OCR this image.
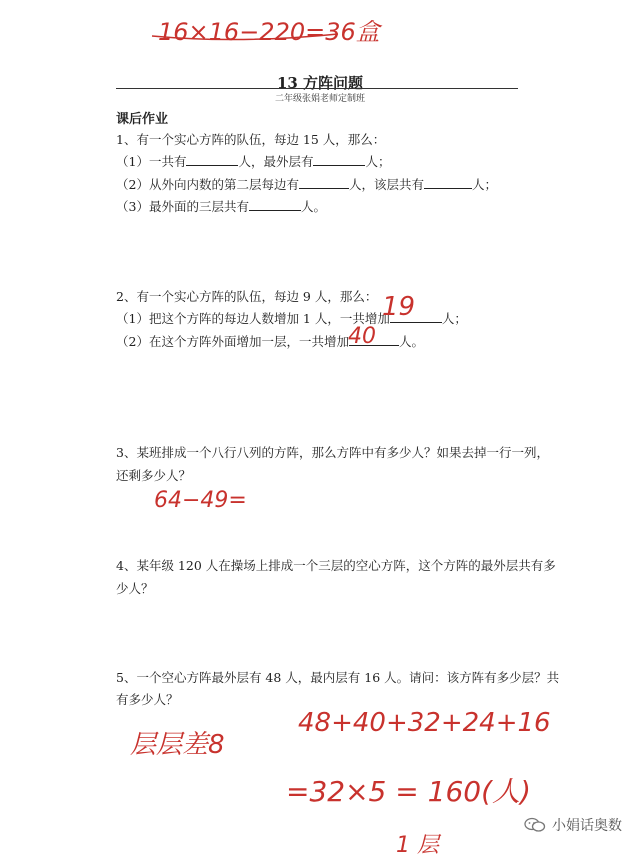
16×16−220=36盒
13 方阵问题
二年级张娟老师定制班
课后作业
1、有一个实心方阵的队伍，每边 15 人，那么：
（1）一共有	人，最外层有	人；
（2）从外向内数的第二层每边有	人，该层共有	人；
（3）最外面的三层共有	人。
2、有一个实心方阵的队伍，每边 9 人，那么：
（1）把这个方阵的每边人数增加 1 人，一共增加	人；
（2）在这个方阵外面增加一层，一共增加	人。
19
40
3、某班排成一个八行八列的方阵，那么方阵中有多少人？如果去掉一行一列，
还剩多少人？
64−49=
4、某年级 120 人在操场上排成一个三层的空心方阵，这个方阵的最外层共有多
少人？
5、一个空心方阵最外层有 48 人，最内层有 16 人。请问：该方阵有多少层？共
有多少人？
层层差8
48+40+32+24+16
=32×5 = 160(人)
1 层
小娟话奥数
